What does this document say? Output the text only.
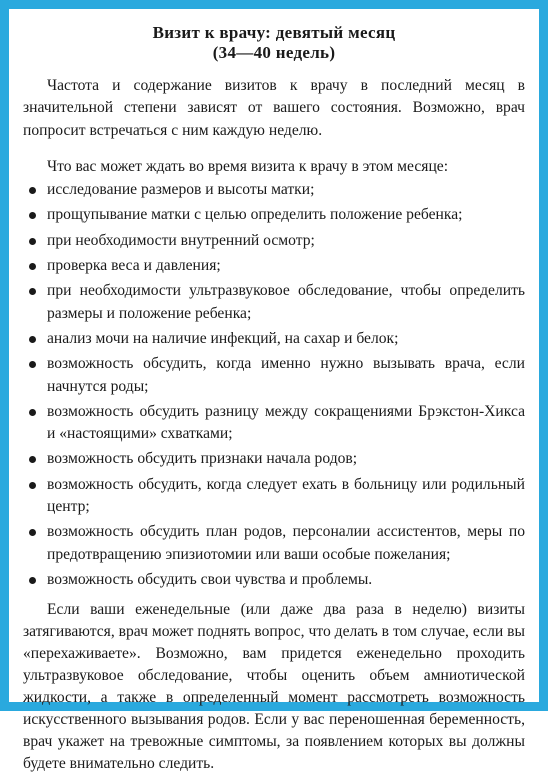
Визит к врачу: девятый месяц
(34—40 недель)

Частота и содержание визитов к врачу в последний месяц в значительной степени зависят от вашего состояния. Возможно, врач попросит встречаться с ним каждую неделю.

Что вас может ждать во время визита к врачу в этом месяце:

исследование размеров и высоты матки;
прощупывание матки с целью определить положение ребенка;
при необходимости внутренний осмотр;
проверка веса и давления;
при необходимости ультразвуковое обследование, чтобы определить размеры и положение ребенка;
анализ мочи на наличие инфекций, на сахар и белок;
возможность обсудить, когда именно нужно вызывать врача, если начнутся роды;
возможность обсудить разницу между сокращениями Брэкстон-Хикса и «настоящими» схватками;
возможность обсудить признаки начала родов;
возможность обсудить, когда следует ехать в больницу или родильный центр;
возможность обсудить план родов, персоналии ассистентов, меры по предотвращению эпизиотомии или ваши особые пожелания;
возможность обсудить свои чувства и проблемы.

Если ваши еженедельные (или даже два раза в неделю) визиты затягиваются, врач может поднять вопрос, что делать в том случае, если вы «перехаживаете». Возможно, вам придется еженедельно проходить ультразвуковое обследование, чтобы оценить объем амниотической жидкости, а также в определенный момент рассмотреть возможность искусственного вызывания родов. Если у вас переношенная беременность, врач укажет на тревожные симптомы, за появлением которых вы должны будете внимательно следить.
